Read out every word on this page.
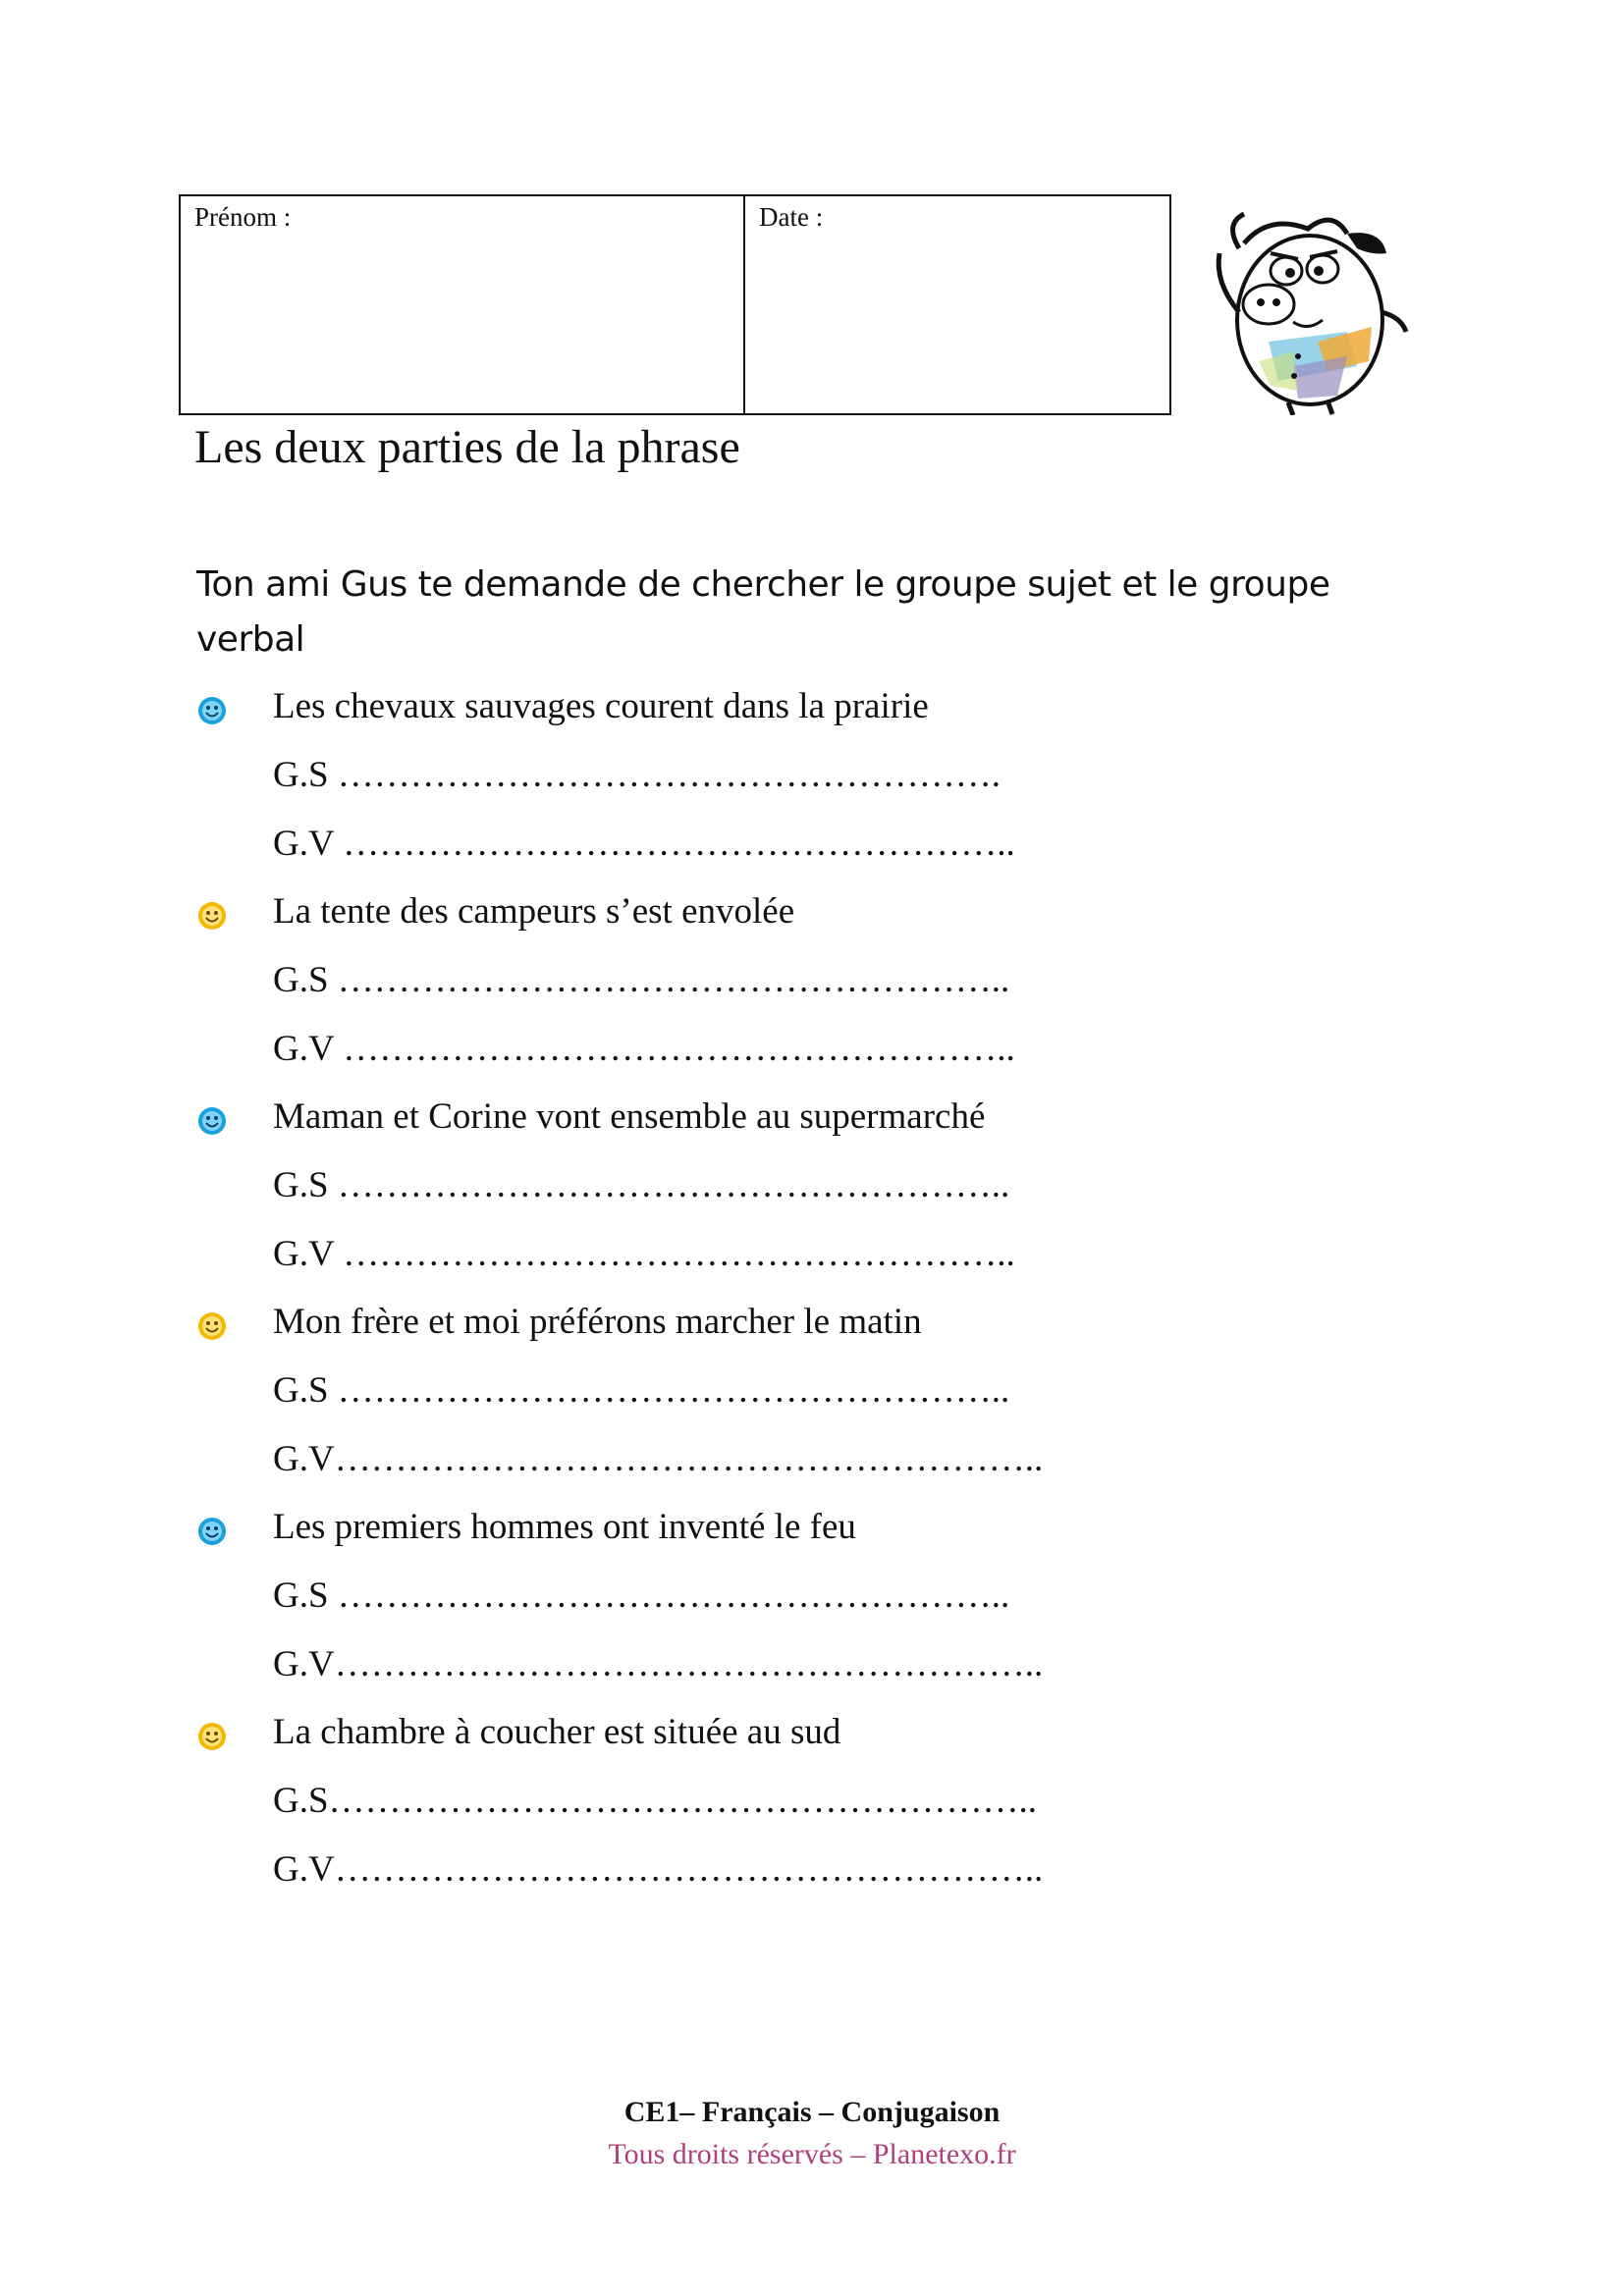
Prénom :	Date :
Les deux parties de la phrase
Ton ami Gus te demande de chercher le groupe sujet et le groupe verbal
Les chevaux sauvages courent dans la prairie
G.S ……………………………………………….
G.V ………………………………………………..
La tente des campeurs s’est envolée
G.S ………………………………………………..
G.V ………………………………………………..
Maman et Corine vont ensemble au supermarché
G.S ………………………………………………..
G.V ………………………………………………..
Mon frère et moi préférons marcher le matin
G.S ………………………………………………..
G.V…………………………………………………..
Les premiers hommes ont inventé le feu
G.S ………………………………………………..
G.V…………………………………………………..
La chambre à coucher est située au sud
G.S…………………………………………………..
G.V…………………………………………………..
CE1– Français – Conjugaison
Tous droits réservés – Planetexo.fr
